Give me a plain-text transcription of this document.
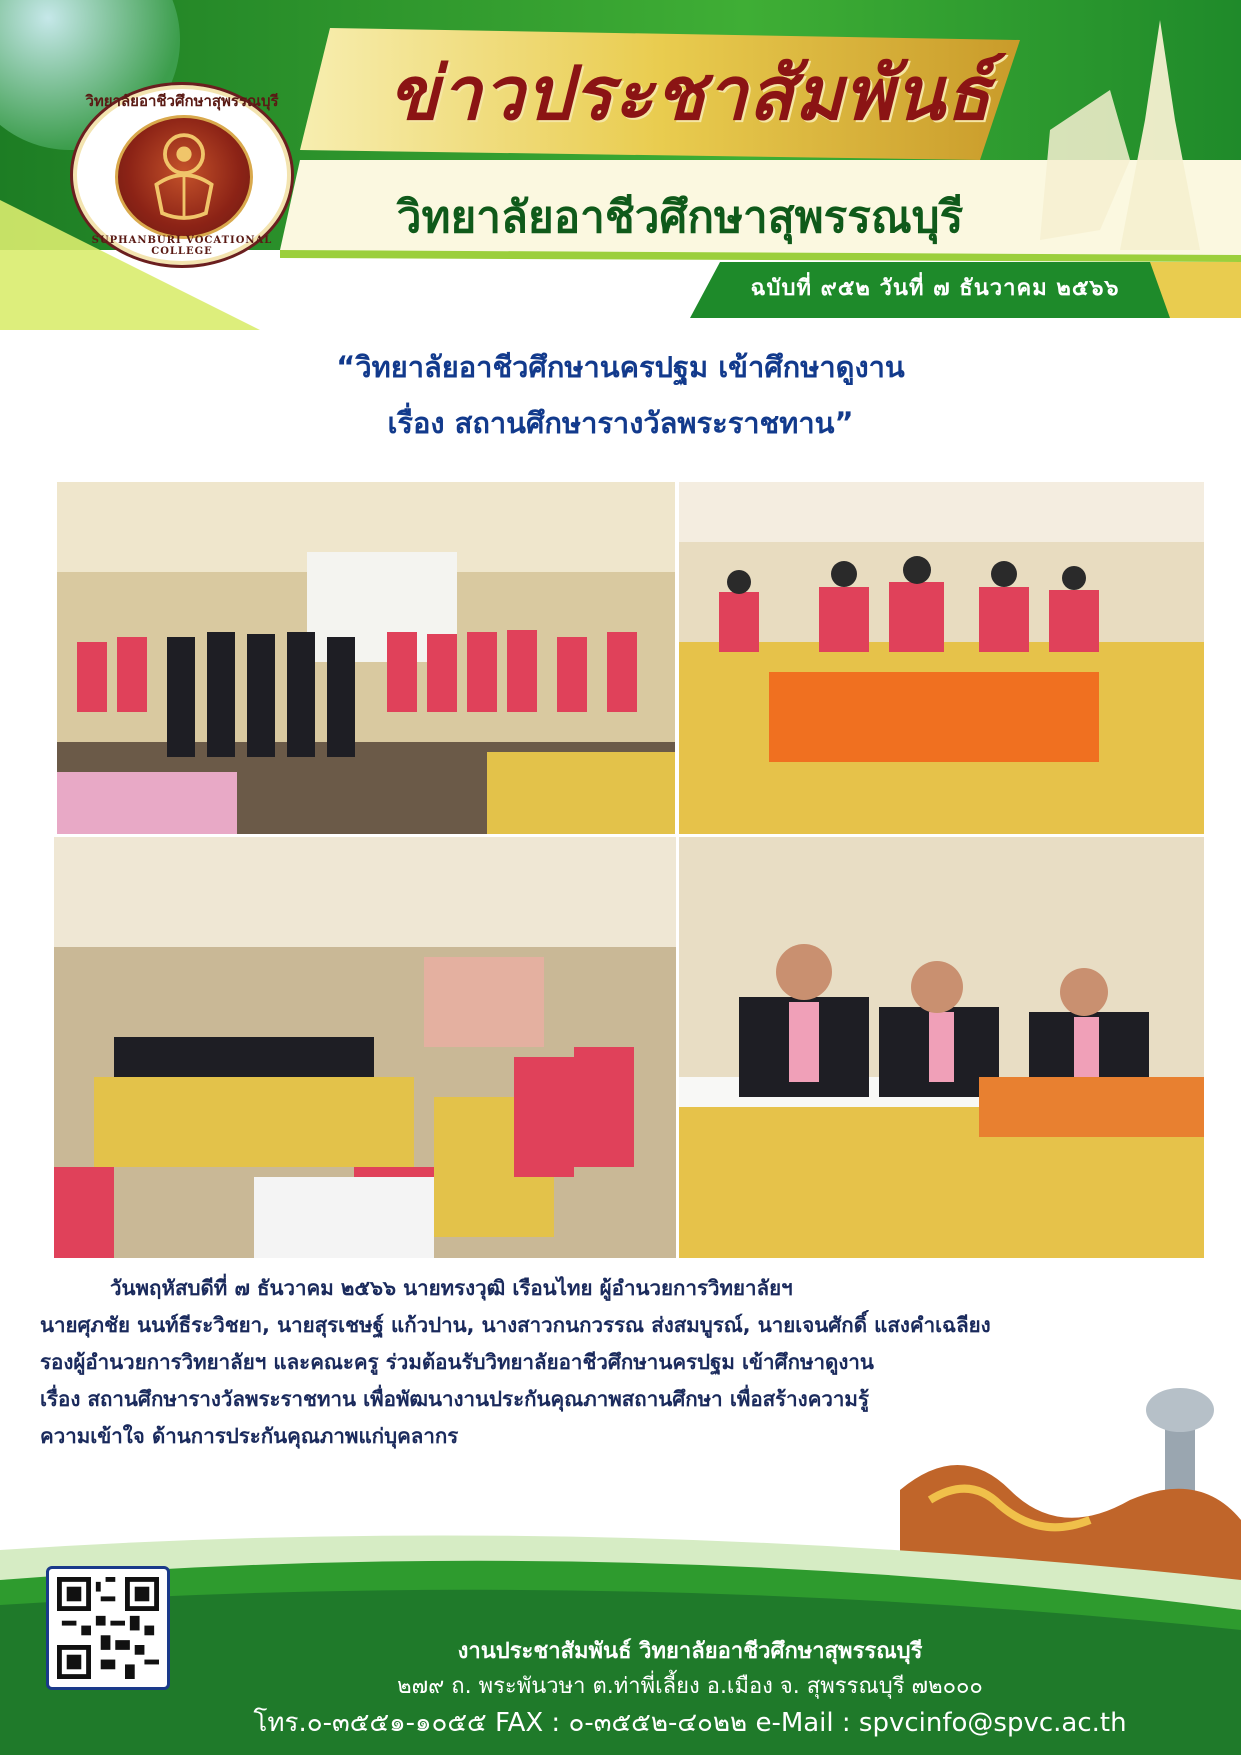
วิทยาลัยอาชีวศึกษาสุพรรณบุรี
SUPHANBURI VOCATIONAL COLLEGE
ข่าวประชาสัมพันธ์
วิทยาลัยอาชีวศึกษาสุพรรณบุรี
ฉบับที่ ๙๕๒ วันที่ ๗ ธันวาคม ๒๕๖๖
“วิทยาลัยอาชีวศึกษานครปฐม เข้าศึกษาดูงาน
เรื่อง สถานศึกษารางวัลพระราชทาน”
วันพฤหัสบดีที่ ๗ ธันวาคม ๒๕๖๖ นายทรงวุฒิ เรือนไทย ผู้อำนวยการวิทยาลัยฯ
นายศุภชัย นนท์ธีระวิชยา, นายสุรเชษฐ์ แก้วปาน, นางสาวกนกวรรณ ส่งสมบูรณ์, นายเจนศักดิ์ แสงคำเฉลียง
รองผู้อำนวยการวิทยาลัยฯ และคณะครู ร่วมต้อนรับวิทยาลัยอาชีวศึกษานครปฐม เข้าศึกษาดูงาน
เรื่อง สถานศึกษารางวัลพระราชทาน เพื่อพัฒนางานประกันคุณภาพสถานศึกษา เพื่อสร้างความรู้
ความเข้าใจ ด้านการประกันคุณภาพแก่บุคลากร
งานประชาสัมพันธ์ วิทยาลัยอาชีวศึกษาสุพรรณบุรี
๒๗๙ ถ. พระพันวษา ต.ท่าพี่เลี้ยง อ.เมือง จ. สุพรรณบุรี ๗๒๐๐๐
โทร.๐-๓๕๕๑-๑๐๕๕ FAX : ๐-๓๕๕๒-๔๐๒๒ e-Mail : spvcinfo@spvc.ac.th
